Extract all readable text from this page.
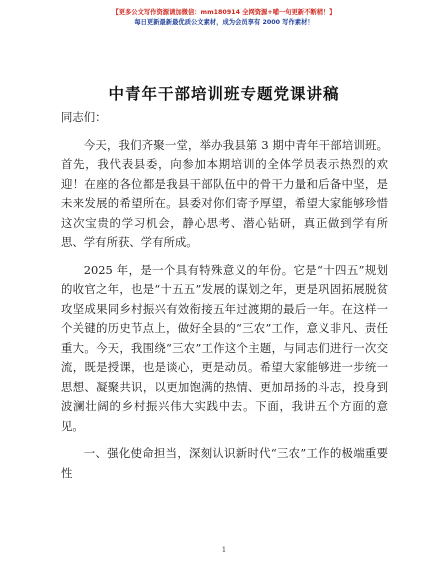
【更多公文写作资源请加微信：mm180914 全网资源+哺一句更新不断稍！】
每日更新最新最优质公文素材，成为会员享有 2000 写作素材！
中青年干部培训班专题党课讲稿

同志们：

今天，我们齐聚一堂，举办我县第 3 期中青年干部培训班。首先，我代表县委，向参加本期培训的全体学员表示热烈的欢迎！在座的各位都是我县干部队伍中的骨干力量和后备中坚，是未来发展的希望所在。县委对你们寄予厚望，希望大家能够珍惜这次宝贵的学习机会，静心思考、潜心钻研，真正做到学有所思、学有所获、学有所成。

2025 年，是一个具有特殊意义的年份。它是“十四五”规划的收官之年，也是“十五五”发展的谋划之年，更是巩固拓展脱贫攻坚成果同乡村振兴有效衔接五年过渡期的最后一年。在这样一个关键的历史节点上，做好全县的“三农”工作，意义非凡、责任重大。今天，我围绕“三农”工作这个主题，与同志们进行一次交流，既是授课，也是谈心，更是动员。希望大家能够进一步统一思想、凝聚共识，以更加饱满的热情、更加昂扬的斗志，投身到波澜壮阔的乡村振兴伟大实践中去。下面，我讲五个方面的意见。

一、强化使命担当，深刻认识新时代“三农”工作的极端重要性

1
